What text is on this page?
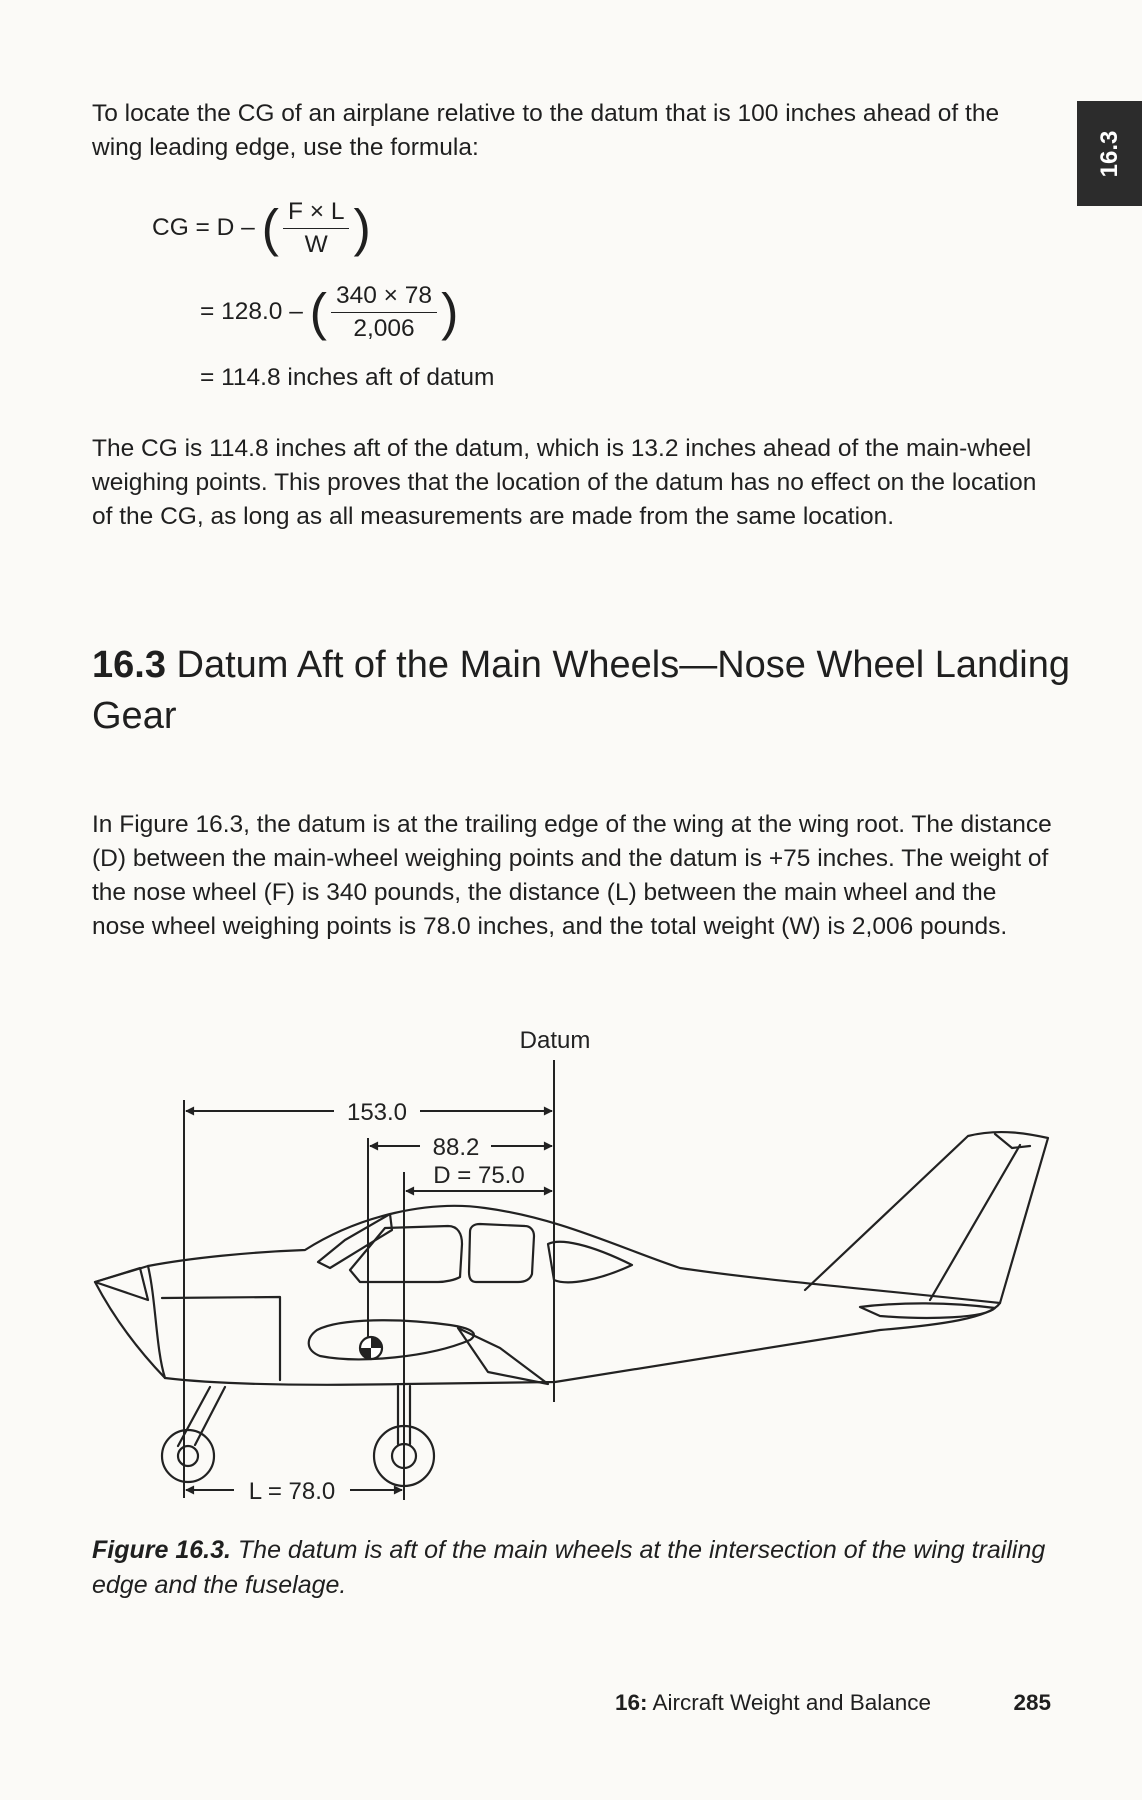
16.3

To locate the CG of an airplane relative to the datum that is 100 inches ahead of the wing leading edge, use the formula:

CG = D – ( $\frac{F \times L}{W}$ )
= 128.0 – ( $\frac{340 \times 78}{2,006}$ )
= 114.8 inches aft of datum

The CG is 114.8 inches aft of the datum, which is 13.2 inches ahead of the main-wheel weighing points. This proves that the location of the datum has no effect on the location of the CG, as long as all measurements are made from the same location.

16.3 Datum Aft of the Main Wheels—Nose Wheel Landing Gear

In Figure 16.3, the datum is at the trailing edge of the wing at the wing root. The distance (D) between the main-wheel weighing points and the datum is +75 inches. The weight of the nose wheel (F) is 340 pounds, the distance (L) between the main wheel and the nose wheel weighing points is 78.0 inches, and the total weight (W) is 2,006 pounds.

Datum
153.0
88.2
D = 75.0
L = 78.0

Figure 16.3. The datum is aft of the main wheels at the intersection of the wing trailing edge and the fuselage.

16: Aircraft Weight and Balance	285
